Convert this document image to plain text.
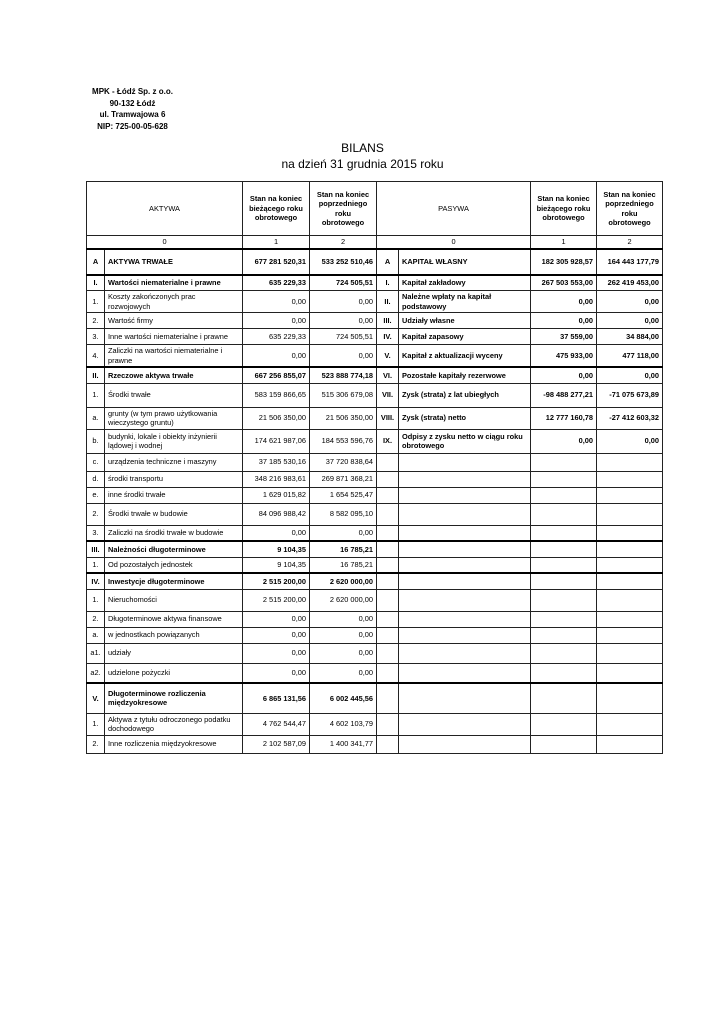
MPK - Łódź Sp. z o.o.
90-132 Łódź
ul. Tramwajowa 6
NIP: 725-00-05-628
BILANS
na dzień 31 grudnia 2015 roku
AKTYWA		Stan na koniec bieżącego roku obrotowego	Stan na koniec poprzedniego roku obrotowego	PASYWA		Stan na koniec bieżącego roku obrotowego	Stan na koniec poprzedniego roku obrotowego
0		1	2	0		1	2
A	AKTYWA TRWAŁE	677 281 520,31	533 252 510,46	A	KAPITAŁ WŁASNY	182 305 928,57	164 443 177,79
I.	Wartości niematerialne i prawne	635 229,33	724 505,51	I.	Kapitał zakładowy	267 503 553,00	262 419 453,00
1.	Koszty zakończonych prac rozwojowych	0,00	0,00	II.	Należne wpłaty na kapitał podstawowy	0,00	0,00
2.	Wartość firmy	0,00	0,00	III.	Udziały własne	0,00	0,00
3.	Inne wartości niematerialne i prawne	635 229,33	724 505,51	IV.	Kapitał zapasowy	37 559,00	34 884,00
4.	Zaliczki na wartości niematerialne i prawne	0,00	0,00	V.	Kapitał z aktualizacji wyceny	475 933,00	477 118,00
II.	Rzeczowe aktywa trwałe	667 256 855,07	523 888 774,18	VI.	Pozostałe kapitały rezerwowe	0,00	0,00
1.	Środki trwałe	583 159 866,65	515 306 679,08	VII.	Zysk (strata) z lat ubiegłych	-98 488 277,21	-71 075 673,89
a.	grunty (w tym prawo użytkowania wieczystego gruntu)	21 506 350,00	21 506 350,00	VIII.	Zysk (strata) netto	12 777 160,78	-27 412 603,32
b.	budynki, lokale i obiekty inżynierii lądowej i wodnej	174 621 987,06	184 553 596,76	IX.	Odpisy z zysku netto w ciągu roku obrotowego	0,00	0,00
c.	urządzenia techniczne i maszyny	37 185 530,16	37 720 838,64				
d.	środki transportu	348 216 983,61	269 871 368,21				
e.	inne środki trwałe	1 629 015,82	1 654 525,47				
2.	Środki trwałe w budowie	84 096 988,42	8 582 095,10				
3.	Zaliczki na środki trwałe w budowie	0,00	0,00				
III.	Należności długoterminowe	9 104,35	16 785,21				
1.	Od pozostałych jednostek	9 104,35	16 785,21				
IV.	Inwestycje długoterminowe	2 515 200,00	2 620 000,00				
1.	Nieruchomości	2 515 200,00	2 620 000,00				
2.	Długoterminowe aktywa finansowe	0,00	0,00				
a.	w jednostkach powiązanych	0,00	0,00				
a1.	udziały	0,00	0,00				
a2.	udzielone pożyczki	0,00	0,00				
V.	Długoterminowe rozliczenia międzyokresowe	6 865 131,56	6 002 445,56				
1.	Aktywa z tytułu odroczonego podatku dochodowego	4 762 544,47	4 602 103,79				
2.	Inne rozliczenia międzyokresowe	2 102 587,09	1 400 341,77				
